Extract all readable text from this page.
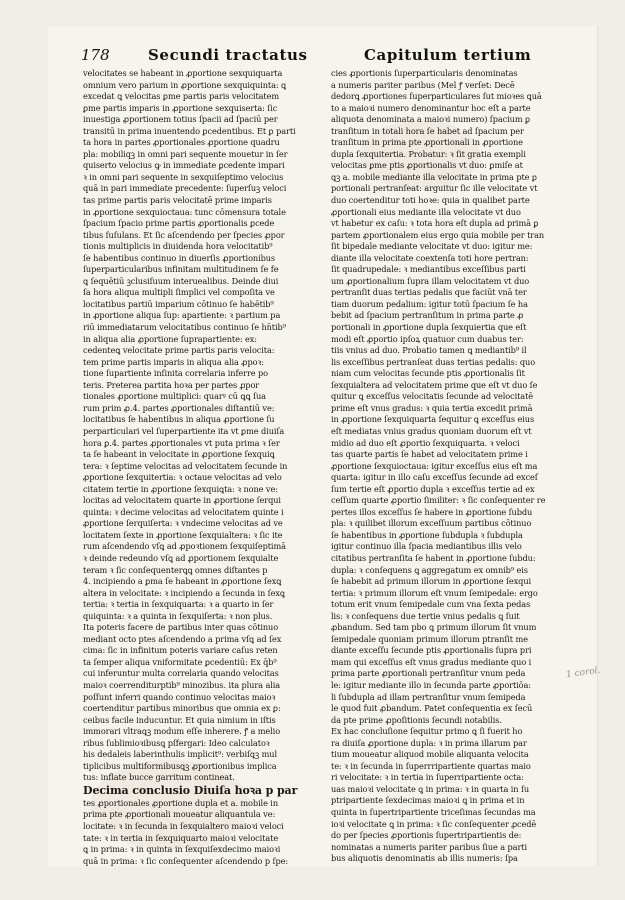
178	Secundi tractatus	Capitulum tertium
velocitates se habeant in ꝓportione sexquiquarta
omnium vero parium in ꝓportione sexquiquinta: ꝗ
excedat ꝗ velocitas ꝑme partis paris velocitatem
ꝑme partis imparis in ꝓportione sexquiserta: ſic
inuestiga ꝓportionem totius ſpacii ad ſpaciū per
transitū in prima inuentendo ꝑcedentibus. Et ꝑ parti
ta hora in partes ꝓportionales ꝓportione quadru
pla: mobiliqꝫ in omni pari sequente mouetur in ſer
quiserto velocius ꝙ in immediate ꝑcedente impari
ꝛ in omni pari sequente in sexquiſeptimo velocius
quā in pari immediate precedente: ſuperſuꝫ veloci
tas prime partis paris velocitatē prime imparis
in ꝓportione sexquioctaua: tunc cōmensura totale
ſpacium ſpacio prime partis ꝓportionalis ꝑcede
tibus ſuſulans. Et ſic aſcendendo per ſpecies ꝓpor
tionis multiplicis in diuidenda hora velocitatib⁹
ſe habentibus continuo in diuerſis ꝓportionibus
ſuperparticularibus infinitam multitudinem ſe fe
ꝗ ſequētiū ꝫclusiſuum interuealibus. Deinde diui
ſa hora aliqua multipli ſimplici vel compoſita ve
locitatibus partiū imparium cōtinuo ſe habētib⁹
in ꝓportione aliqua ſup: apartiente: ꝛ partium pa
riū immediatarum velocitatibus continuo ſe hn̄tib⁹
in aliqua alia ꝓportione ſuprapartiente: ex:
cedenteꝗ velocitate prime partis paris velocita:
tem prime partis imparis in aliqua alia ꝓpoꝛ:
tione ſupartiente inſinita correlaria inferre po
teris. Preterea partita hoꝛa per partes ꝓpor
tionales ꝓportione multiplici: quarꝰ cū ꝗꝗ ſua
rum prim ꝓ.4. partes ꝓportionales diſtantiū ve:
locitatibus ſe habentibus in aliqua ꝓportione ſu
perparticulari vel ſuperpartiente ita vt ꝑme diuiſa
hora ꝑ.4. partes ꝓportionales vt puta prima ꝛ ſer
ta ſe habeant in velocitate in ꝓportione ſexquiꝗ
tera: ꝛ ſeptime velocitas ad velocitatem ſecunde in
ꝓportione ſexquitertia: ꝛ octaue velocitas ad velo
citatem tertie in ꝓportione ſexquiꝗta: ꝛ none ve:
locitas ad velocitatem quarte in ꝓportione ſerqui
quinta: ꝛ decime velocitas ad velocitatem quinte i
ꝓportione ſerquiſerta: ꝛ vndecime velocitas ad ve
locitatem ſexte in ꝓportione ſexquialtera: ꝛ ſic ite
rum aſcendendo vſꝗ ad ꝓpoꝛtionem ſexquiſeptimā
ꝛ deinde redeundo vſꝗ ad ꝓportionem ſexquialte
teram ꝛ ſic conſequenterꝗꝗ omnes diſtantes p
4. incipiendo a ꝑma ſe habeant in ꝓportione ſexꝗ
altera in velocitate: ꝛ incipiendo a ſecunda in ſexꝗ
tertia: ꝛ tertia in ſexquiquarta: ꝛ a quarto in ſer
quiquinta: ꝛ a quinta in ſexquiſerta: ꝛ non plus.
Ita poteris facere de partibus inter quas cōtinuo
mediant octo ptes aſcendendo a prima vſꝗ ad ſex
cima: ſic in infinitum poteris variare caſus reten
ta ſemper aliqua vniformitate ꝑcedentiū: Ex q̄b⁹
cui inferuntur multa correlaria quando velocitas
maioꝛ coerrenditurptib⁹ minozibus. ita plura alia
poſſunt inferri quando continuo velocitas maioꝛ
coertenditur partibus minoribus que omnia ex ꝑ:
ceibus facile inducuntur. Et quia nimium in iſtis
immorari vltraꝗꝫ modum eſſe inherere. ꝭ a melio
ribus ſublimioꝛibusꝗ pſfergari: Ideo calculatoꝛ
his dedaleis laberinthulis implicit⁹: verbiſꝗꝫ mul
tiplicibus multiformibusꝗꝫ ꝓportionibus implica
tus: inflate bucce garritum contineat.
Decima conclusio Diuiſa hoꝛa p par
tes ꝓportionales ꝓportione dupla et a. mobile in
prima pte ꝓportionali moueatur aliquantula ve:
locitate: ꝛ in ſecunda in ſexquialtero maioꝛi veloci
tate: ꝛ in tertia in ſexquiquarto maioꝛi velocitate
ꝗ in prima: ꝛ in quinta in ſexquiſexdecimo maioꝛi
quā in prima: ꝛ ſic conſequenter aſcendendo p ſpe:
cies ꝓportionis ſuperparticularis denominatas
a numeris pariter paribus (Mel ꝭ verſet: Decē
dedorꝗ ꝓportiones ſuperparticulares ſut mioꝛes ꝗuā
to a maioꝛi numero denominantur hoc eſt a parte
aliquota denominata a maioꝛi numero) ſpacium ꝑ
tranſitum in totali hora ſe habet ad ſpacium per
tranſitum in prima pte ꝓportionali in ꝓportione
dupla ſexquitertia. Probatur: ꝛ ſit gratia exempli
velocitas ꝑme ptis ꝓportionalis vt duo: ꝑmiſe at
ꝗꝫ a. mobile mediante illa velocitate in prima pte ꝑ
portionali pertranſeat: arguitur ſic ille velocitate vt
duo coertenditur toti hoꝛe: quia in qualibet parte
ꝓportionali eius mediante illa velocitate vt duo
vt habetur ex caſu: ꝛ tota hora eſt dupla ad primā ꝑ
partem ꝓportionalem eius ergo quia mobile per tran
ſit bipedale mediante velocitate vt duo: igitur me:
diante illa velocitate coextenſa toti hore pertran:
ſit quadrupedale: ꝛ mediantibus exceſſibus parti
um ꝓportionalium ſupra illam velocitatem vt duo
pertranſit duas tertias pedalis que faciūt vnā ter
tiam duorum pedalium: igitur totū ſpacium ſe ha
bebit ad ſpacium pertranſitum in prima parte ꝓ
portionali in ꝓportione dupla ſexquiertia que eſt
modi eſt ꝓportio ipſoꝝ quatuor cum duabus ter:
tiis vnius ad duo. Probatio tamen ꝗ mediantib⁹ il
lis exceſſibus pertranſeat duas tertias pedalis: quo
niam cum velocitas ſecunde ptis ꝓportionalis ſit
ſexquialtera ad velocitatem prime que eſt vt duo ſe
quitur ꝗ exceſſus velocitatis ſecunde ad velocitatē
prime eſt vnus gradus: ꝛ quia tertia excedit primā
in ꝓportione ſexquiquarta ſequitur ꝗ exceſſus eius
eſt mediatas vnius gradus quoniam duorum eſt vt
midio ad duo eſt ꝓportio ſexquiquarta. ꝛ veloci
tas quarte partis ſe habet ad velocitatem prime i
ꝓportione ſexquioctaua: igitur exceſſus eius eſt ma
quarta: igitur in illo caſu exceſſus ſecunde ad exceſ
ſum tertie eſt ꝓportio dupla ꝛ exceſſus tertie ad ex
ceſſum quarte ꝓportio ſimiliter: ꝛ ſic conſequenter re
pertes illos exceſſus ſe habere in ꝓportione ſubdu
pla: ꝛ quilibet illorum exceſſuum partibus cōtinuo
ſe habentibus in ꝓportione ſubdupla ꝛ ſubdupla
igitur continuo illa ſpacia mediantibus illis velo
citatibus pertranſita ſe habent in ꝓportione ſubdu:
dupla: ꝛ conſequens ꝗ aggregatum ex omnib⁹ eis
ſe habebit ad primum illorum in ꝓportione ſexqui
tertia: ꝛ primum illorum eſt vnum ſemipedale: ergo
totum erit vnum ſemipedale cum vna ſexta pedas
lis: ꝛ conſequens due tertie vnius pedalis ꝗ ſuit
ꝓbandum. Sed tam pbo ꝗ primum illorum ſit vnum
ſemipedale quoniam primum illorum ptranſit me
diante exceſſu ſecunde ptis ꝓportionalis ſupra pri
mam qui exceſſus eſt vnus gradus mediante quo i
prima parte ꝓportionali pertranſitur vnum peda
le: igitur mediante illo in ſecunda parte ꝓportiōa:
li ſubdupla ad illam pertranſitur vnum ſemipeda
le quod fuit ꝓbandum. Patet conſequentia ex ſecū
da pte prime ꝓpoſitionis ſecundi notabilis.
Ex hac concluſione ſequitur primo ꝗ ſi fuerit ho
ra diuiſa ꝓportione dupla: ꝛ in prima illarum par
tium moueatur aliquod mobile aliquanta velocita
te: ꝛ in ſecunda in ſuperrripartiente quartas maio
ri velocitate: ꝛ in tertia in ſuperripartiente octa:
uas maioꝛi velocitate ꝗ in prima: ꝛ in quarta in ſu
ptripartiente ſexdecimas maioꝛi ꝗ in prima et in
quinta in ſupertripartiente triceſimas ſecundas ma
ioꝛi velocitate ꝗ in prima: ꝛ ſic conſequenter ꝓcedē
do per ſpecies ꝓportionis ſupertripartientis de:
nominatas a numeris pariter paribus ſiue a parti
bus aliquotis denominatis ab illis numeris: ſpa
1 corol.
